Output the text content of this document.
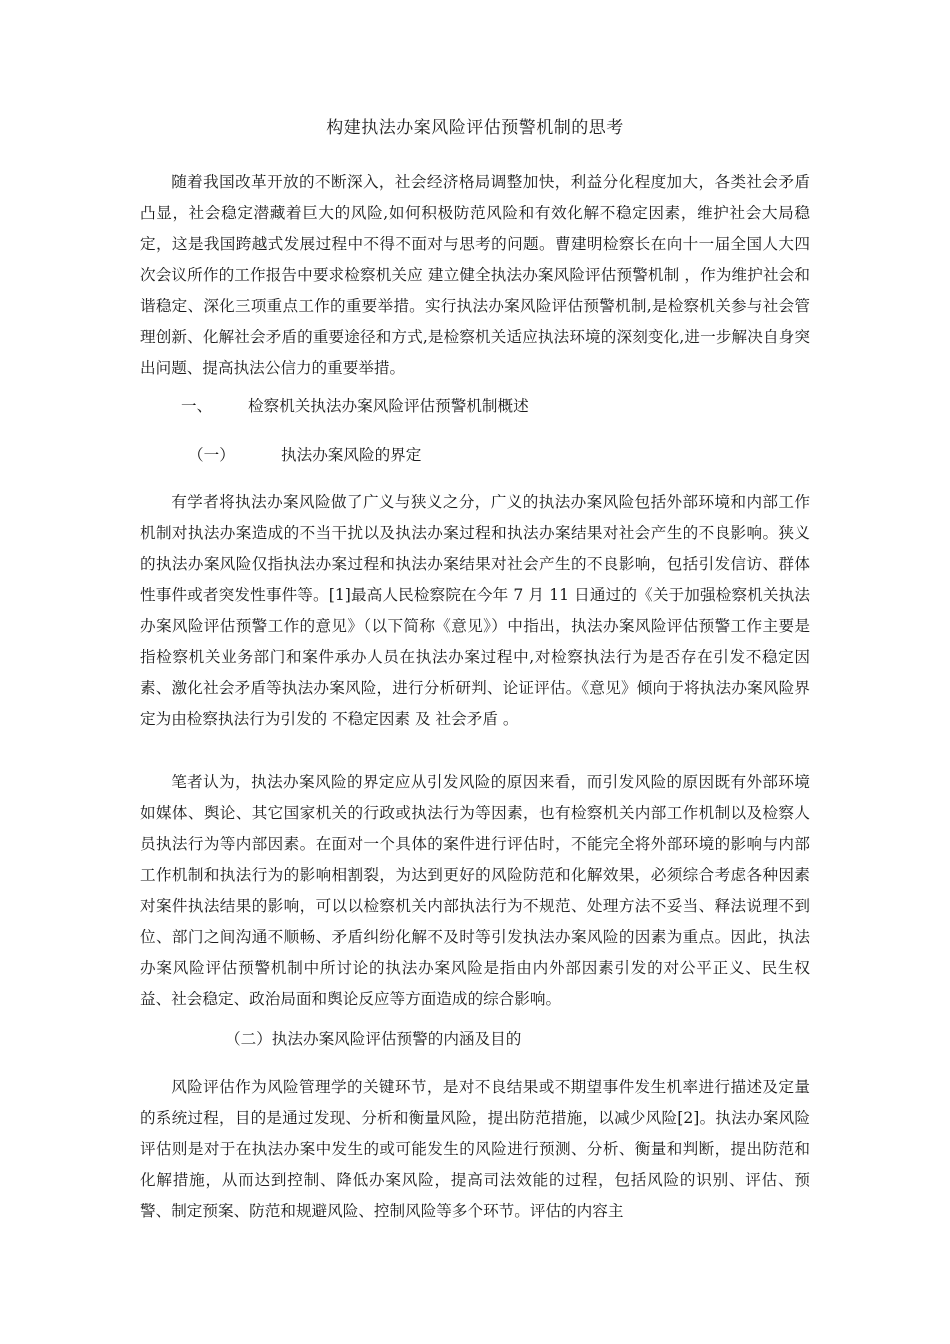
构建执法办案风险评估预警机制的思考

随着我国改革开放的不断深入，社会经济格局调整加快，利益分化程度加大，各类社会矛盾凸显，社会稳定潜藏着巨大的风险,如何积极防范风险和有效化解不稳定因素，维护社会大局稳定，这是我国跨越式发展过程中不得不面对与思考的问题。曹建明检察长在向十一届全国人大四次会议所作的工作报告中要求检察机关应 建立健全执法办案风险评估预警机制 ，作为维护社会和谐稳定、深化三项重点工作的重要举措。实行执法办案风险评估预警机制,是检察机关参与社会管理创新、化解社会矛盾的重要途径和方式,是检察机关适应执法环境的深刻变化,进一步解决自身突出问题、提高执法公信力的重要举措。

一、 检察机关执法办案风险评估预警机制概述
（一）	执法办案风险的界定

有学者将执法办案风险做了广义与狭义之分，广义的执法办案风险包括外部环境和内部工作机制对执法办案造成的不当干扰以及执法办案过程和执法办案结果对社会产生的不良影响。狭义的执法办案风险仅指执法办案过程和执法办案结果对社会产生的不良影响，包括引发信访、群体性事件或者突发性事件等。[1]最高人民检察院在今年 7 月 11 日通过的《关于加强检察机关执法办案风险评估预警工作的意见》（以下简称《意见》）中指出，执法办案风险评估预警工作主要是指检察机关业务部门和案件承办人员在执法办案过程中,对检察执法行为是否存在引发不稳定因素、激化社会矛盾等执法办案风险，进行分析研判、论证评估。《意见》倾向于将执法办案风险界定为由检察执法行为引发的 不稳定因素 及 社会矛盾 。

笔者认为，执法办案风险的界定应从引发风险的原因来看，而引发风险的原因既有外部环境如媒体、舆论、其它国家机关的行政或执法行为等因素，也有检察机关内部工作机制以及检察人员执法行为等内部因素。在面对一个具体的案件进行评估时，不能完全将外部环境的影响与内部工作机制和执法行为的影响相割裂，为达到更好的风险防范和化解效果，必须综合考虑各种因素对案件执法结果的影响，可以以检察机关内部执法行为不规范、处理方法不妥当、释法说理不到位、部门之间沟通不顺畅、矛盾纠纷化解不及时等引发执法办案风险的因素为重点。因此，执法办案风险评估预警机制中所讨论的执法办案风险是指由内外部因素引发的对公平正义、民生权益、社会稳定、政治局面和舆论反应等方面造成的综合影响。

（二）执法办案风险评估预警的内涵及目的

风险评估作为风险管理学的关键环节，是对不良结果或不期望事件发生机率进行描述及定量的系统过程，目的是通过发现、分析和衡量风险，提出防范措施，以减少风险[2]。执法办案风险评估则是对于在执法办案中发生的或可能发生的风险进行预测、分析、衡量和判断，提出防范和化解措施，从而达到控制、降低办案风险，提高司法效能的过程，包括风险的识别、评估、预警、制定预案、防范和规避风险、控制风险等多个环节。评估的内容主
